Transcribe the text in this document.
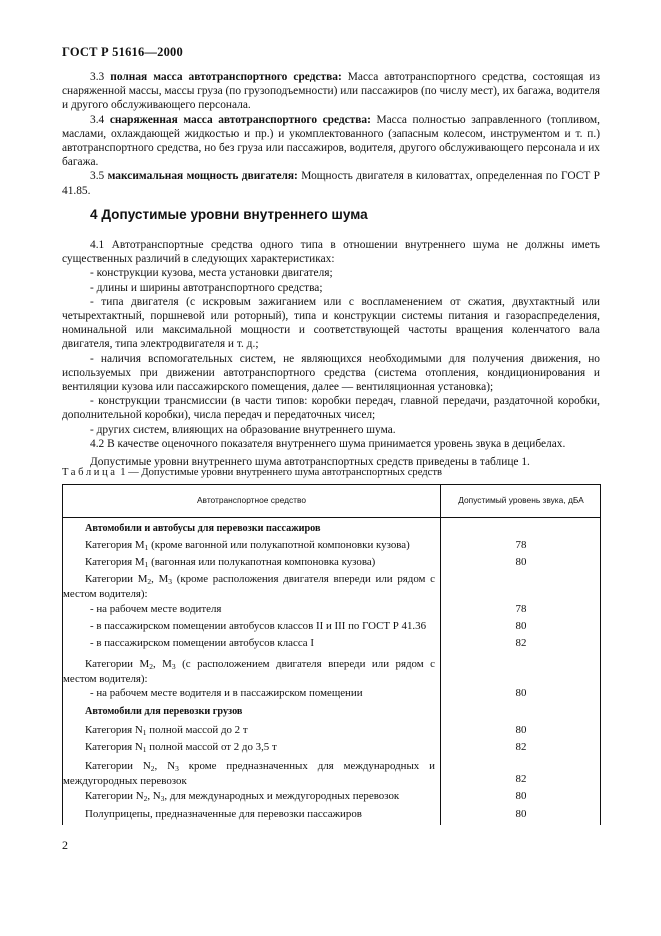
ГОСТ Р 51616—2000

3.3 полная масса автотранспортного средства: Масса автотранспортного средства, состоящая из снаряженной массы, массы груза (по грузоподъемности) или пассажиров (по числу мест), их багажа, водителя и другого обслуживающего персонала.

3.4 снаряженная масса автотранспортного средства: Масса полностью заправленного (топливом, маслами, охлаждающей жидкостью и пр.) и укомплектованного (запасным колесом, инструментом и т. п.) автотранспортного средства, но без груза или пассажиров, водителя, другого обслуживающего персонала и их багажа.

3.5 максимальная мощность двигателя: Мощность двигателя в киловаттах, определенная по ГОСТ Р 41.85.

4 Допустимые уровни внутреннего шума

4.1 Автотранспортные средства одного типа в отношении внутреннего шума не должны иметь существенных различий в следующих характеристиках:

- конструкции кузова, места установки двигателя;

- длины и ширины автотранспортного средства;

- типа двигателя (с искровым зажиганием или с воспламенением от сжатия, двухтактный или четырехтактный, поршневой или роторный), типа и конструкции системы питания и газораспределения, номинальной или максимальной мощности и соответствующей частоты вращения коленчатого вала двигателя, типа электродвигателя и т. д.;

- наличия вспомогательных систем, не являющихся необходимыми для получения движения, но используемых при движении автотранспортного средства (система отопления, кондиционирования и вентиляции кузова или пассажирского помещения, далее — вентиляционная установка);

- конструкции трансмиссии (в части типов: коробки передач, главной передачи, раздаточной коробки, дополнительной коробки), числа передач и передаточных чисел;

- других систем, влияющих на образование внутреннего шума.

4.2 В качестве оценочного показателя внутреннего шума принимается уровень звука в децибелах.

Допустимые уровни внутреннего шума автотранспортных средств приведены в таблице 1.

Таблица 1 — Допустимые уровни внутреннего шума автотранспортных средств
Автотранспортное средство	Допустимый уровень звука, дБА
Автомобили и автобусы для перевозки пассажиров
Категория $M_1$ (кроме вагонной или полукапотной компоновки кузова)	78
Категория $M_1$ (вагонная или полукапотная компоновка кузова)	80
Категории $M_2$, $M_3$ (кроме расположения двигателя впереди или рядом с местом водителя):
- на рабочем месте водителя	78
- в пассажирском помещении автобусов классов II и III по ГОСТ Р 41.36	80
- в пассажирском помещении автобусов класса I	82
Категории $M_2$, $M_3$ (с расположением двигателя впереди или рядом с местом водителя):
- на рабочем месте водителя и в пассажирском помещении	80
Автомобили для перевозки грузов
Категория $N_1$ полной массой до 2 т	80
Категория $N_1$ полной массой от 2 до 3,5 т	82
Категории $N_2$, $N_3$ кроме предназначенных для международных и междугородных перевозок	82
Категории $N_2$, $N_3$, для международных и междугородных перевозок	80
Полуприцепы, предназначенные для перевозки пассажиров	80
2
